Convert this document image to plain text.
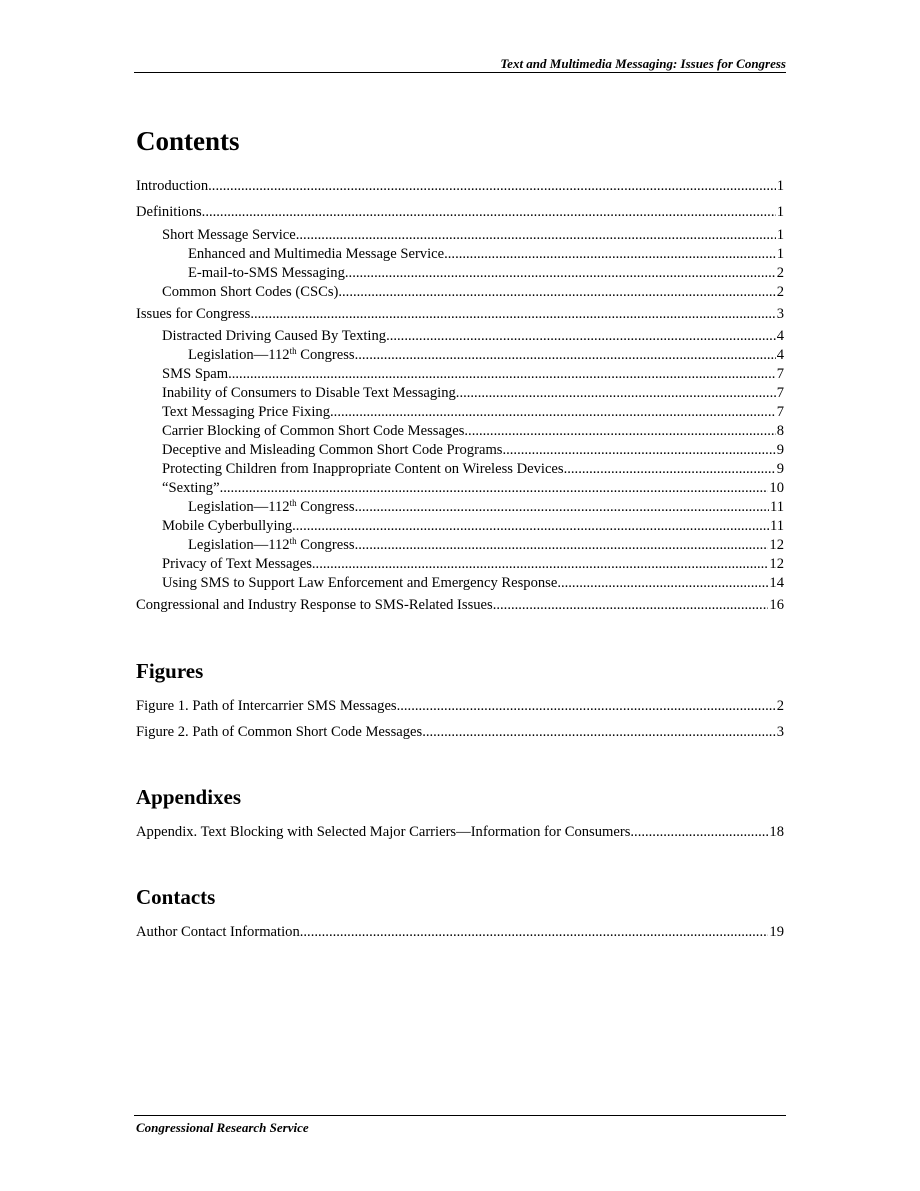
Text and Multimedia Messaging: Issues for Congress
Contents
Introduction .....	1
Definitions .....	1
Short Message Service .....	1
Enhanced and Multimedia Message Service .....	1
E-mail-to-SMS Messaging .....	2
Common Short Codes (CSCs) .....	2
Issues for Congress .....	3
Distracted Driving Caused By Texting .....	4
Legislation—112th Congress .....	4
SMS Spam .....	7
Inability of Consumers to Disable Text Messaging .....	7
Text Messaging Price Fixing .....	7
Carrier Blocking of Common Short Code Messages .....	8
Deceptive and Misleading Common Short Code Programs .....	9
Protecting Children from Inappropriate Content on Wireless Devices .....	9
“Sexting” .....	10
Legislation—112th Congress .....	11
Mobile Cyberbullying .....	11
Legislation—112th Congress .....	12
Privacy of Text Messages .....	12
Using SMS to Support Law Enforcement and Emergency Response .....	14
Congressional and Industry Response to SMS-Related Issues .....	16
Figures
Figure 1. Path of Intercarrier SMS Messages .....	2
Figure 2. Path of Common Short Code Messages .....	3
Appendixes
Appendix. Text Blocking with Selected Major Carriers—Information for Consumers .....	18
Contacts
Author Contact Information .....	19
Congressional Research Service
